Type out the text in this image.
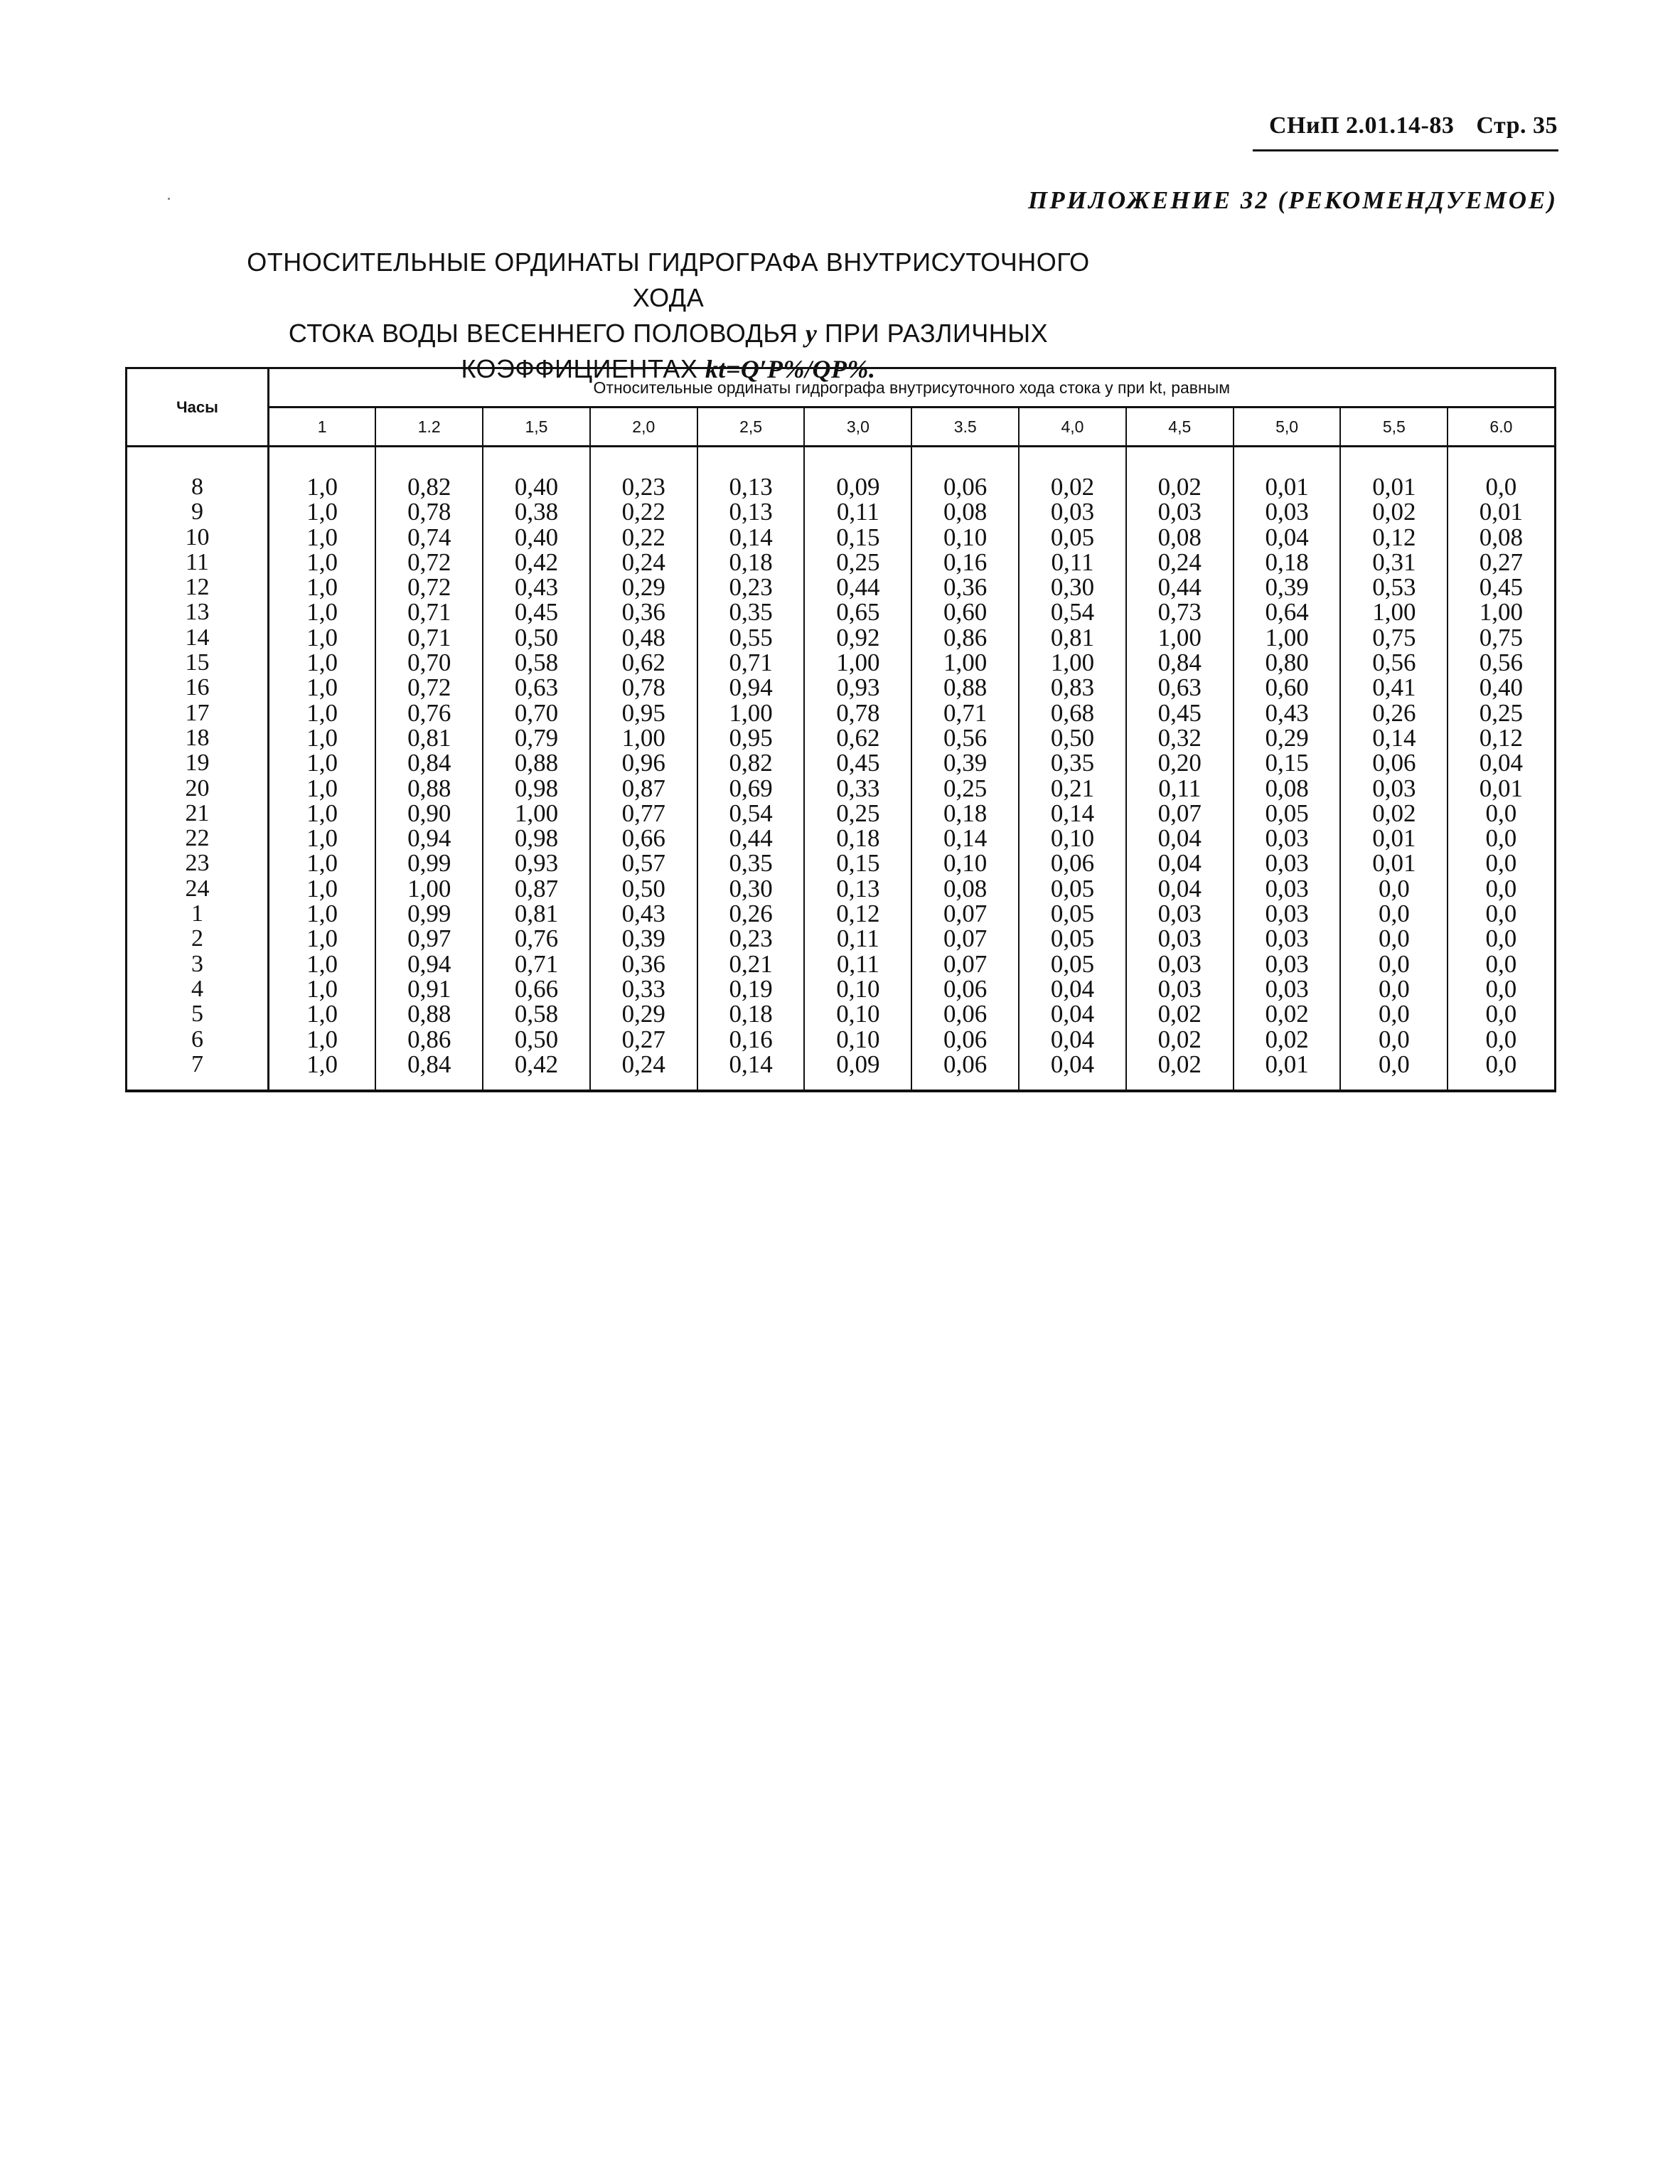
СНиП 2.01.14-83 Стр. 35
ПРИЛОЖЕНИЕ 32 (РЕКОМЕНДУЕМОЕ)
ОТНОСИТЕЛЬНЫЕ ОРДИНАТЫ ГИДРОГРАФА ВНУТРИСУТОЧНОГО ХОДА
СТОКА ВОДЫ ВЕСЕННЕГО ПОЛОВОДЬЯ y ПРИ РАЗЛИЧНЫХ
КОЭФФИЦИЕНТАХ kt=Q′P%/QP%.
Часы	Относительные ординаты гидрографа внутрисуточного хода стока y при kt, равным											
	1	1.2	1,5	2,0	2,5	3,0	3.5	4,0	4,5	5,0	5,5	6.0
8	1,0	0,82	0,40	0,23	0,13	0,09	0,06	0,02	0,02	0,01	0,01	0,0
9	1,0	0,78	0,38	0,22	0,13	0,11	0,08	0,03	0,03	0,03	0,02	0,01
10	1,0	0,74	0,40	0,22	0,14	0,15	0,10	0,05	0,08	0,04	0,12	0,08
11	1,0	0,72	0,42	0,24	0,18	0,25	0,16	0,11	0,24	0,18	0,31	0,27
12	1,0	0,72	0,43	0,29	0,23	0,44	0,36	0,30	0,44	0,39	0,53	0,45
13	1,0	0,71	0,45	0,36	0,35	0,65	0,60	0,54	0,73	0,64	1,00	1,00
14	1,0	0,71	0,50	0,48	0,55	0,92	0,86	0,81	1,00	1,00	0,75	0,75
15	1,0	0,70	0,58	0,62	0,71	1,00	1,00	1,00	0,84	0,80	0,56	0,56
16	1,0	0,72	0,63	0,78	0,94	0,93	0,88	0,83	0,63	0,60	0,41	0,40
17	1,0	0,76	0,70	0,95	1,00	0,78	0,71	0,68	0,45	0,43	0,26	0,25
18	1,0	0,81	0,79	1,00	0,95	0,62	0,56	0,50	0,32	0,29	0,14	0,12
19	1,0	0,84	0,88	0,96	0,82	0,45	0,39	0,35	0,20	0,15	0,06	0,04
20	1,0	0,88	0,98	0,87	0,69	0,33	0,25	0,21	0,11	0,08	0,03	0,01
21	1,0	0,90	1,00	0,77	0,54	0,25	0,18	0,14	0,07	0,05	0,02	0,0
22	1,0	0,94	0,98	0,66	0,44	0,18	0,14	0,10	0,04	0,03	0,01	0,0
23	1,0	0,99	0,93	0,57	0,35	0,15	0,10	0,06	0,04	0,03	0,01	0,0
24	1,0	1,00	0,87	0,50	0,30	0,13	0,08	0,05	0,04	0,03	0,0	0,0
1	1,0	0,99	0,81	0,43	0,26	0,12	0,07	0,05	0,03	0,03	0,0	0,0
2	1,0	0,97	0,76	0,39	0,23	0,11	0,07	0,05	0,03	0,03	0,0	0,0
3	1,0	0,94	0,71	0,36	0,21	0,11	0,07	0,05	0,03	0,03	0,0	0,0
4	1,0	0,91	0,66	0,33	0,19	0,10	0,06	0,04	0,03	0,03	0,0	0,0
5	1,0	0,88	0,58	0,29	0,18	0,10	0,06	0,04	0,02	0,02	0,0	0,0
6	1,0	0,86	0,50	0,27	0,16	0,10	0,06	0,04	0,02	0,02	0,0	0,0
7	1,0	0,84	0,42	0,24	0,14	0,09	0,06	0,04	0,02	0,01	0,0	0,0
